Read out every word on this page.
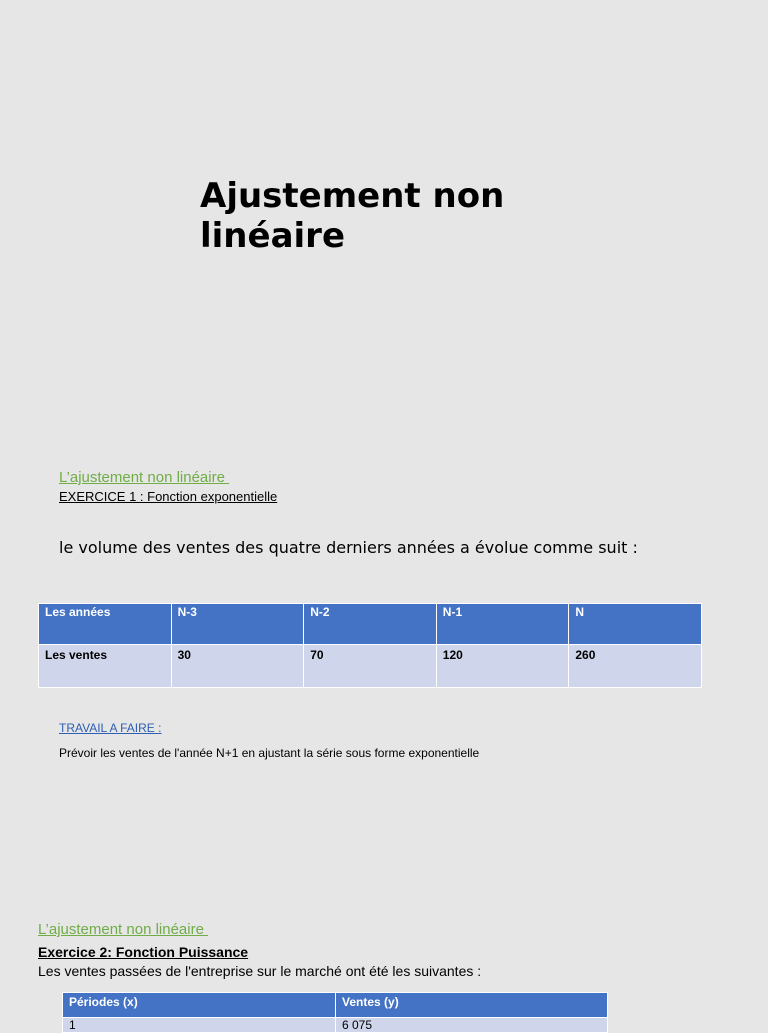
Ajustement non linéaire
L’ajustement non linéaire
EXERCICE 1 : Fonction exponentielle
le volume des ventes des quatre derniers années a évolue comme suit :
Les années	N-3	N-2	N-1	N
Les ventes	30	70	120	260
TRAVAIL A FAIRE :
Prévoir les ventes de l'année N+1 en ajustant la série sous forme exponentielle
L’ajustement non linéaire
Exercice 2: Fonction Puissance
Les ventes passées de l'entreprise sur le marché ont été les suivantes :
Périodes (x)	Ventes (y)
1	6 075
